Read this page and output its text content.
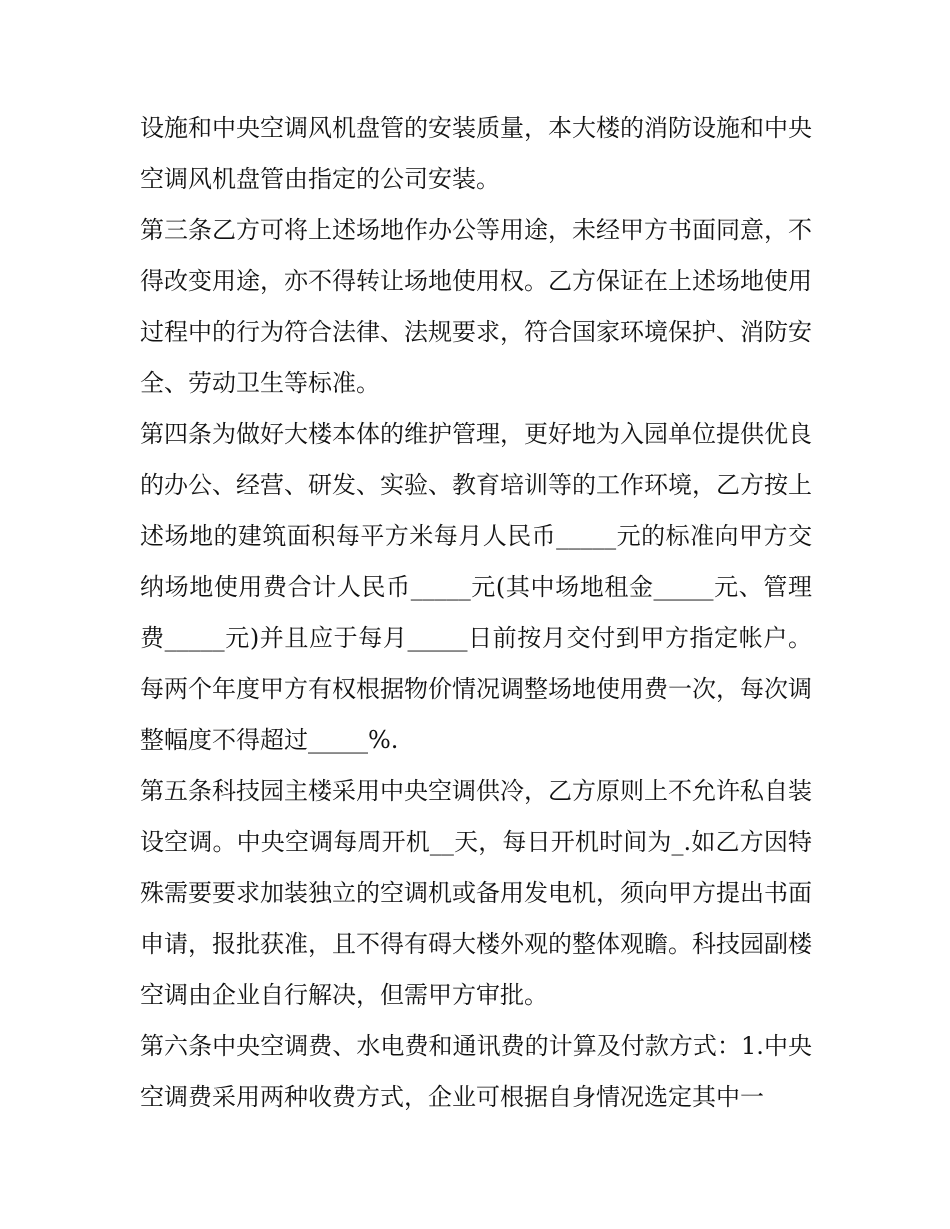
设施和中央空调风机盘管的安装质量，本大楼的消防设施和中央空调风机盘管由指定的公司安装。

第三条乙方可将上述场地作办公等用途，未经甲方书面同意，不得改变用途，亦不得转让场地使用权。乙方保证在上述场地使用过程中的行为符合法律、法规要求，符合国家环境保护、消防安全、劳动卫生等标准。

第四条为做好大楼本体的维护管理，更好地为入园单位提供优良的办公、经营、研发、实验、教育培训等的工作环境，乙方按上述场地的建筑面积每平方米每月人民币_____元的标准向甲方交纳场地使用费合计人民币_____元(其中场地租金_____元、管理费_____元)并且应于每月_____日前按月交付到甲方指定帐户。每两个年度甲方有权根据物价情况调整场地使用费一次，每次调整幅度不得超过_____%.

第五条科技园主楼采用中央空调供冷，乙方原则上不允许私自装设空调。中央空调每周开机__天，每日开机时间为_.如乙方因特殊需要要求加装独立的空调机或备用发电机，须向甲方提出书面申请，报批获准，且不得有碍大楼外观的整体观瞻。科技园副楼空调由企业自行解决，但需甲方审批。

第六条中央空调费、水电费和通讯费的计算及付款方式：1.中央空调费采用两种收费方式，企业可根据自身情况选定其中一
